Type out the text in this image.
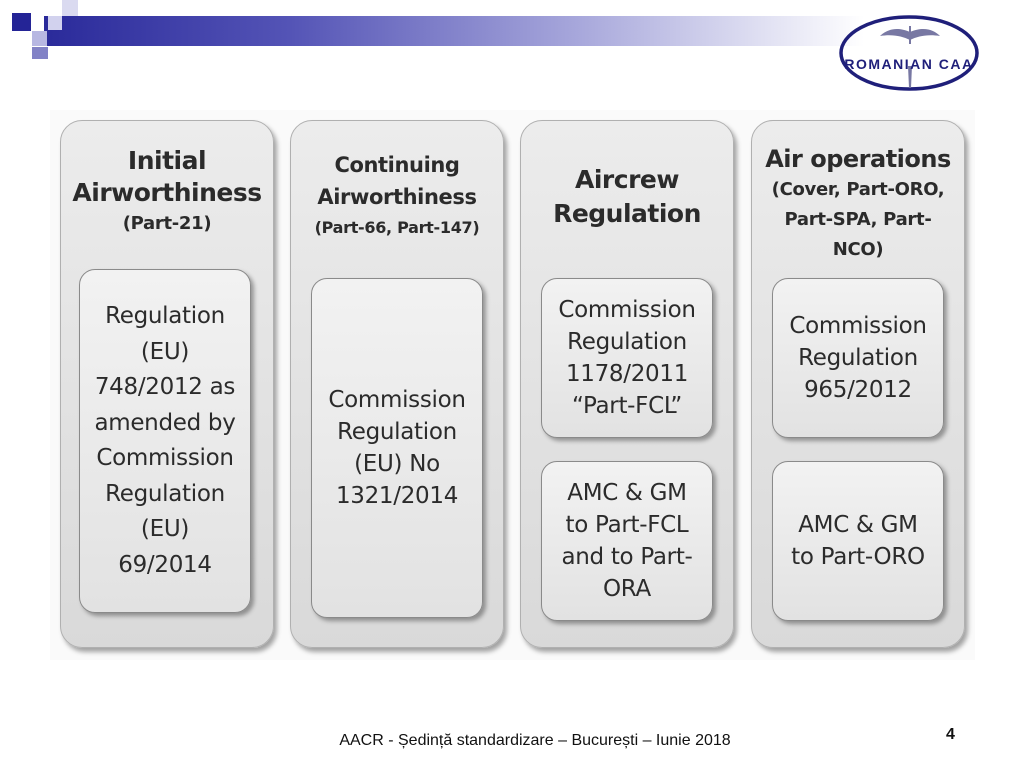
ROMANIAN CAA
Initial
Airworthiness
(Part-21)
Regulation
(EU)
748/2012 as
amended by
Commission
Regulation
(EU)
69/2014
Continuing
Airworthiness
(Part-66, Part-147)
Commission
Regulation
(EU) No
1321/2014
Aircrew
Regulation
Commission
Regulation
1178/2011
“Part-FCL”
AMC & GM
to Part-FCL
and to Part-
ORA
Air operations
(Cover, Part-ORO,
Part-SPA, Part-
NCO)
Commission
Regulation
965/2012
AMC & GM
to Part-ORO
AACR - Ședință standardizare – București – Iunie 2018	4
